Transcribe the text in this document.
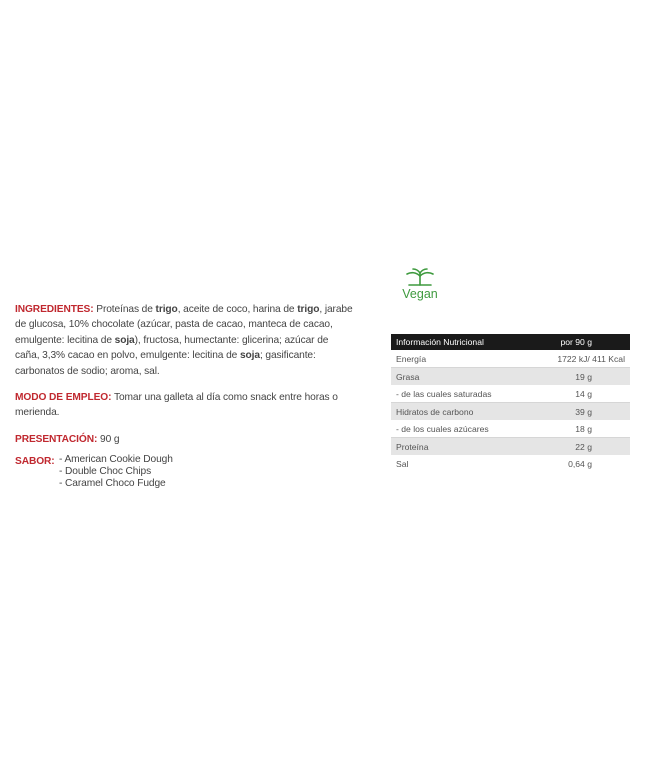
INGREDIENTES: Proteínas de trigo, aceite de coco, harina de trigo, jarabe de glucosa, 10% chocolate (azúcar, pasta de cacao, manteca de cacao, emulgente: lecitina de soja), fructosa, humectante: glicerina; azúcar de caña, 3,3% cacao en polvo, emulgente: lecitina de soja; gasificante: carbonatos de sodio; aroma, sal.

MODO DE EMPLEO: Tomar una galleta al día como snack entre horas o merienda.

PRESENTACIÓN: 90 g

SABOR: - American Cookie Dough
- Double Choc Chips
- Caramel Choco Fudge
Vegan
Información Nutricional	por 90 g
Energía	1722 kJ/ 411 Kcal
Grasa	19 g
- de las cuales saturadas	14 g
Hidratos de carbono	39 g
- de los cuales azúcares	18 g
Proteína	22 g
Sal	0,64 g
